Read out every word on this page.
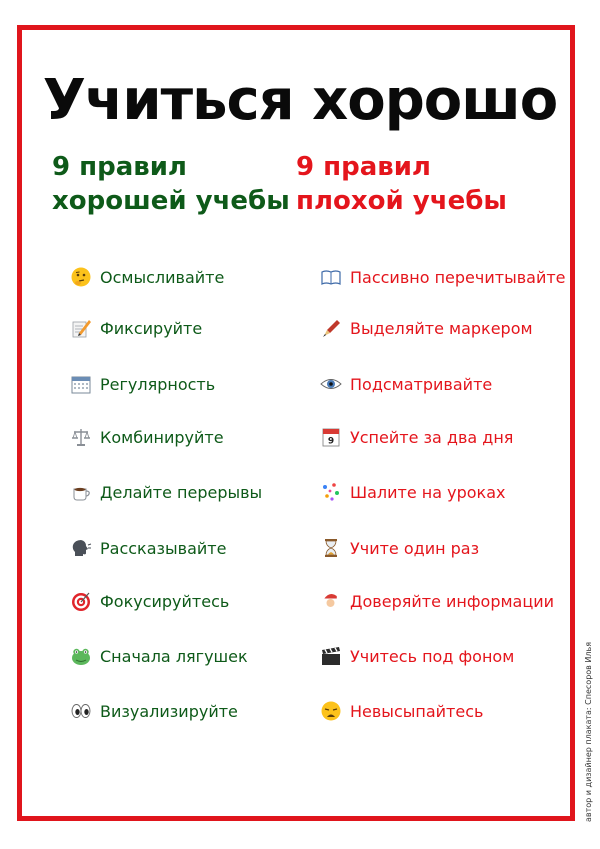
Учиться хорошо
9 правил
хорошей учебы
9 правил
плохой учебы
Осмысливайте
Фиксируйте
Регулярность
Комбинируйте
Делайте перерывы
Рассказывайте
Фокусируйтесь
Сначала лягушек
Визуализируйте
Пассивно перечитывайте
Выделяйте маркером
Подсматривайте
9 Успейте за два дня
Шалите на уроках
Учите один раз
Доверяйте информации
Учитесь под фоном
Невысыпайтесь	автор и дизайнер плаката: Спесоров Илья
